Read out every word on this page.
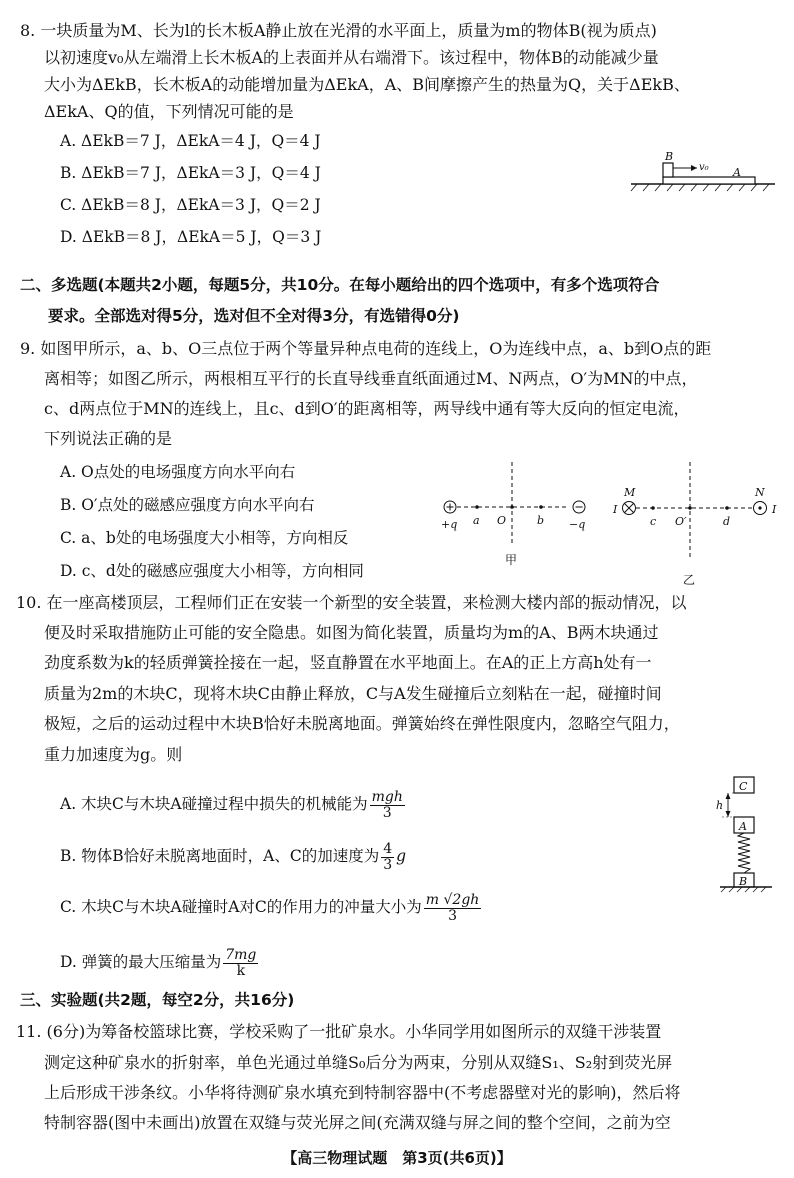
8. 一块质量为M、长为l的长木板A静止放在光滑的水平面上，质量为m的物体B(视为质点)
以初速度v₀从左端滑上长木板A的上表面并从右端滑下。该过程中，物体B的动能减少量
大小为ΔEkB，长木板A的动能增加量为ΔEkA，A、B间摩擦产生的热量为Q，关于ΔEkB、
ΔEkA、Q的值，下列情况可能的是
A. ΔEkB＝7 J，ΔEkA＝4 J，Q＝4 J
B. ΔEkB＝7 J，ΔEkA＝3 J，Q＝4 J
C. ΔEkB＝8 J，ΔEkA＝3 J，Q＝2 J
D. ΔEkB＝8 J，ΔEkA＝5 J，Q＝3 J
B
v₀ A
二、多选题(本题共2小题，每题5分，共10分。在每小题给出的四个选项中，有多个选项符合
要求。全部选对得5分，选对但不全对得3分，有选错得0分)
9. 如图甲所示，a、b、O三点位于两个等量异种点电荷的连线上，O为连线中点，a、b到O点的距
离相等；如图乙所示，两根相互平行的长直导线垂直纸面通过M、N两点，O′为MN的中点，
c、d两点位于MN的连线上，且c、d到O′的距离相等，两导线中通有等大反向的恒定电流，
下列说法正确的是
A. O点处的电场强度方向水平向右
B. O′点处的磁感应强度方向水平向右
C. a、b处的电场强度大小相等，方向相反
D. c、d处的磁感应强度大小相等，方向相同
+q a O	b −q
甲
M
I
c O′	d
N
I
乙
10. 在一座高楼顶层，工程师们正在安装一个新型的安全装置，来检测大楼内部的振动情况，以
便及时采取措施防止可能的安全隐患。如图为简化装置，质量均为m的A、B两木块通过
劲度系数为k的轻质弹簧拴接在一起，竖直静置在水平地面上。在A的正上方高h处有一
质量为2m的木块C，现将木块C由静止释放，C与A发生碰撞后立刻粘在一起，碰撞时间
极短，之后的运动过程中木块B恰好未脱离地面。弹簧始终在弹性限度内，忽略空气阻力，
重力加速度为g。则
A. 木块C与木块A碰撞过程中损失的机械能为 $\frac{\text{mgh}}{3}$
B. 物体B恰好未脱离地面时，A、C的加速度为 $\frac{4}{3}$ g
C. 木块C与木块A碰撞时A对C的作用力的冲量大小为 $\frac{m √2gh}{3}$
D. 弹簧的最大压缩量为 $\frac{7mg}{k}$
C
h
A
B
三、实验题(共2题，每空2分，共16分)
11. (6分)为筹备校篮球比赛，学校采购了一批矿泉水。小华同学用如图所示的双缝干涉装置
测定这种矿泉水的折射率，单色光通过单缝S₀后分为两束，分别从双缝S₁、S₂射到荧光屏
上后形成干涉条纹。小华将待测矿泉水填充到特制容器中(不考虑器壁对光的影响)，然后将
特制容器(图中未画出)放置在双缝与荧光屏之间(充满双缝与屏之间的整个空间，之前为空
【高三物理试题　第3页(共6页)】
